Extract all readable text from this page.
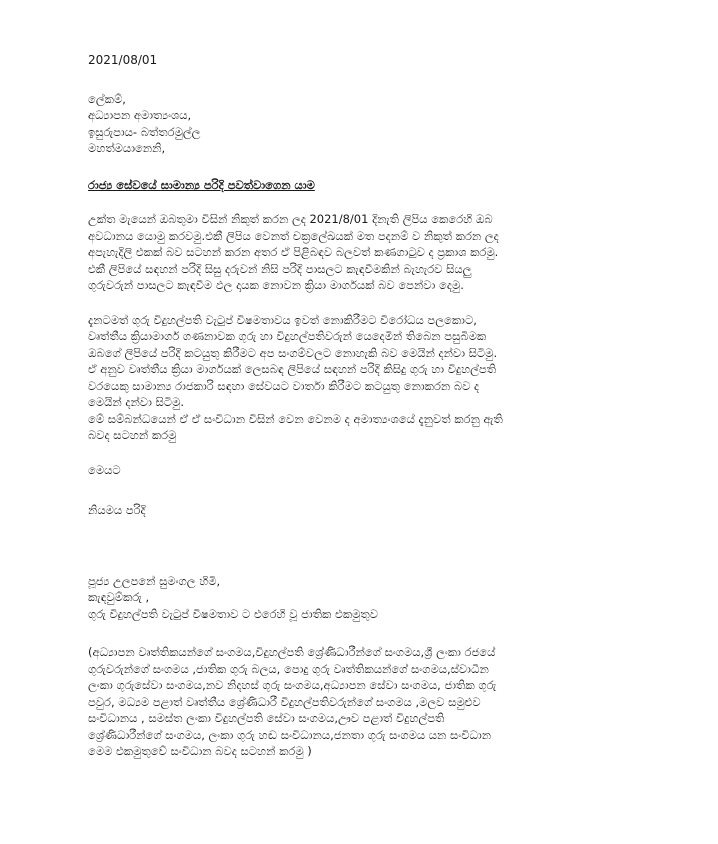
2021/08/01

ලේකම්,

අධ්‍යාපන අමාත්‍යංශය,

ඉසුරුපාය- බත්තරමුල්ල

මහත්මයානෙනි,

රාජ්‍ය සේවයේ සාමාන්‍ය පරිදි පවත්වාගෙන යාම

උක්ත මැයෙන් ඔබතුමා විසින් නිකුත් කරන ලද 2021/8/01 දිනැති ලිපිය කෙරෙහි ඔබ

අවධානය යොමු කරවමු.එකී ලිපිය වෙනත් චක්‍රලේඛයක් මත පදනම් ව නිකුත් කරන ලද

අපැහැදිලි එකක් බව සටහන් කරන අතර ඒ පිළිබඳව බලවත් කණගාටුව ද ප්‍රකාශ කරමු.

එකී ලිපියේ සඳහන් පරිදි සිසු දරුවන් නිසි පරිදි පාසලට කැඳවීමකින් බැහැරව සියලු

ගුරුවරුන් පාසලට කැඳවීම ඵල දායක නොවන ක්‍රියා මාර්ගයක් බව පෙන්වා දෙමු.

දැනටමත් ගුරු විදුහල්පති වැටුප් විෂමතාවය ඉවත් නොකිරීමට විරෝධය පලකොට,

වෘත්තීය ක්‍රියාමාර්ග ගණනාවක ගුරු හා විදුහල්පතිවරුන් යෙදෙමින් තිබෙන පසුබිමක

ඔබගේ ලිපියේ පරිදි කටයුතු කිරීමට අප සංගම්වලට නොහැකි බව මෙයින් දන්වා සිටිමු.

ඒ අනුව වෘත්තීය ක්‍රියා මාර්ගයක් ලෙසබඳ ලිපියේ සඳහන් පරිදි කිසිදු ගුරු හා විදුහල්පති

වරයෙකු සාමාන්‍ය රාජකාරි සඳහා සේවයට වාර්තා කිරීමට කටයුතු නොකරන බව ද

මෙයින් දන්වා සිටිමු.

මේ සම්බන්ධයෙන් ඒ ඒ සංවිධාන විසින් වෙන වෙනම ද අමාත්‍යංශයේ දැනුවත් කරනු ඇති

බවද සටහන් කරමු

මෙයට
නියමය පරිදි

පූජ්‍ය උලපනේ සුමංගල හිමි,

කැඳවුම්කරු ,

ගුරු විදුහල්පති වැටුප් විෂමතාව ට එරෙහි වූ ජාතික එකමුතුව

(අධ්‍යාපන වෘත්තිකයන්ගේ සංගමය,විදුහල්පති ශ්‍රේණිධාරීන්ගේ සංගමය,ශ්‍රී ලංකා රජයේ

ගුරුවරුන්ගේ සංගමය ,ජාතික ගුරු බලය, පොදු ගුරු වෘත්තිකයන්ගේ සංගමය,ස්වාධීන

ලංකා ගුරුසේවා සංගමය,නව නිදහස් ගුරු සංගමය,අධ්‍යාපන සේවා සංගමය, ජාතික ගුරු

පවුර, මධ්‍යම පළාත් වෘත්තීය ශ්‍රේණිධාරී විදුහල්පතිවරුන්ගේ සංගමය ,මලව සමුළුව

සංවිධානය , සමස්ත ලංකා විදුහල්පති සේවා සංගමය,ඌව පළාත් විදුහල්පති

ශ්‍රේණිධාරීන්ගේ සංගමය, ලංකා ගුරු හඬ සංවිධානය,ජනතා ගුරු සංගමය යන සංවිධාන

මෙම එකමුතුවේ සංවිධාන බවද සටහන් කරමු )
